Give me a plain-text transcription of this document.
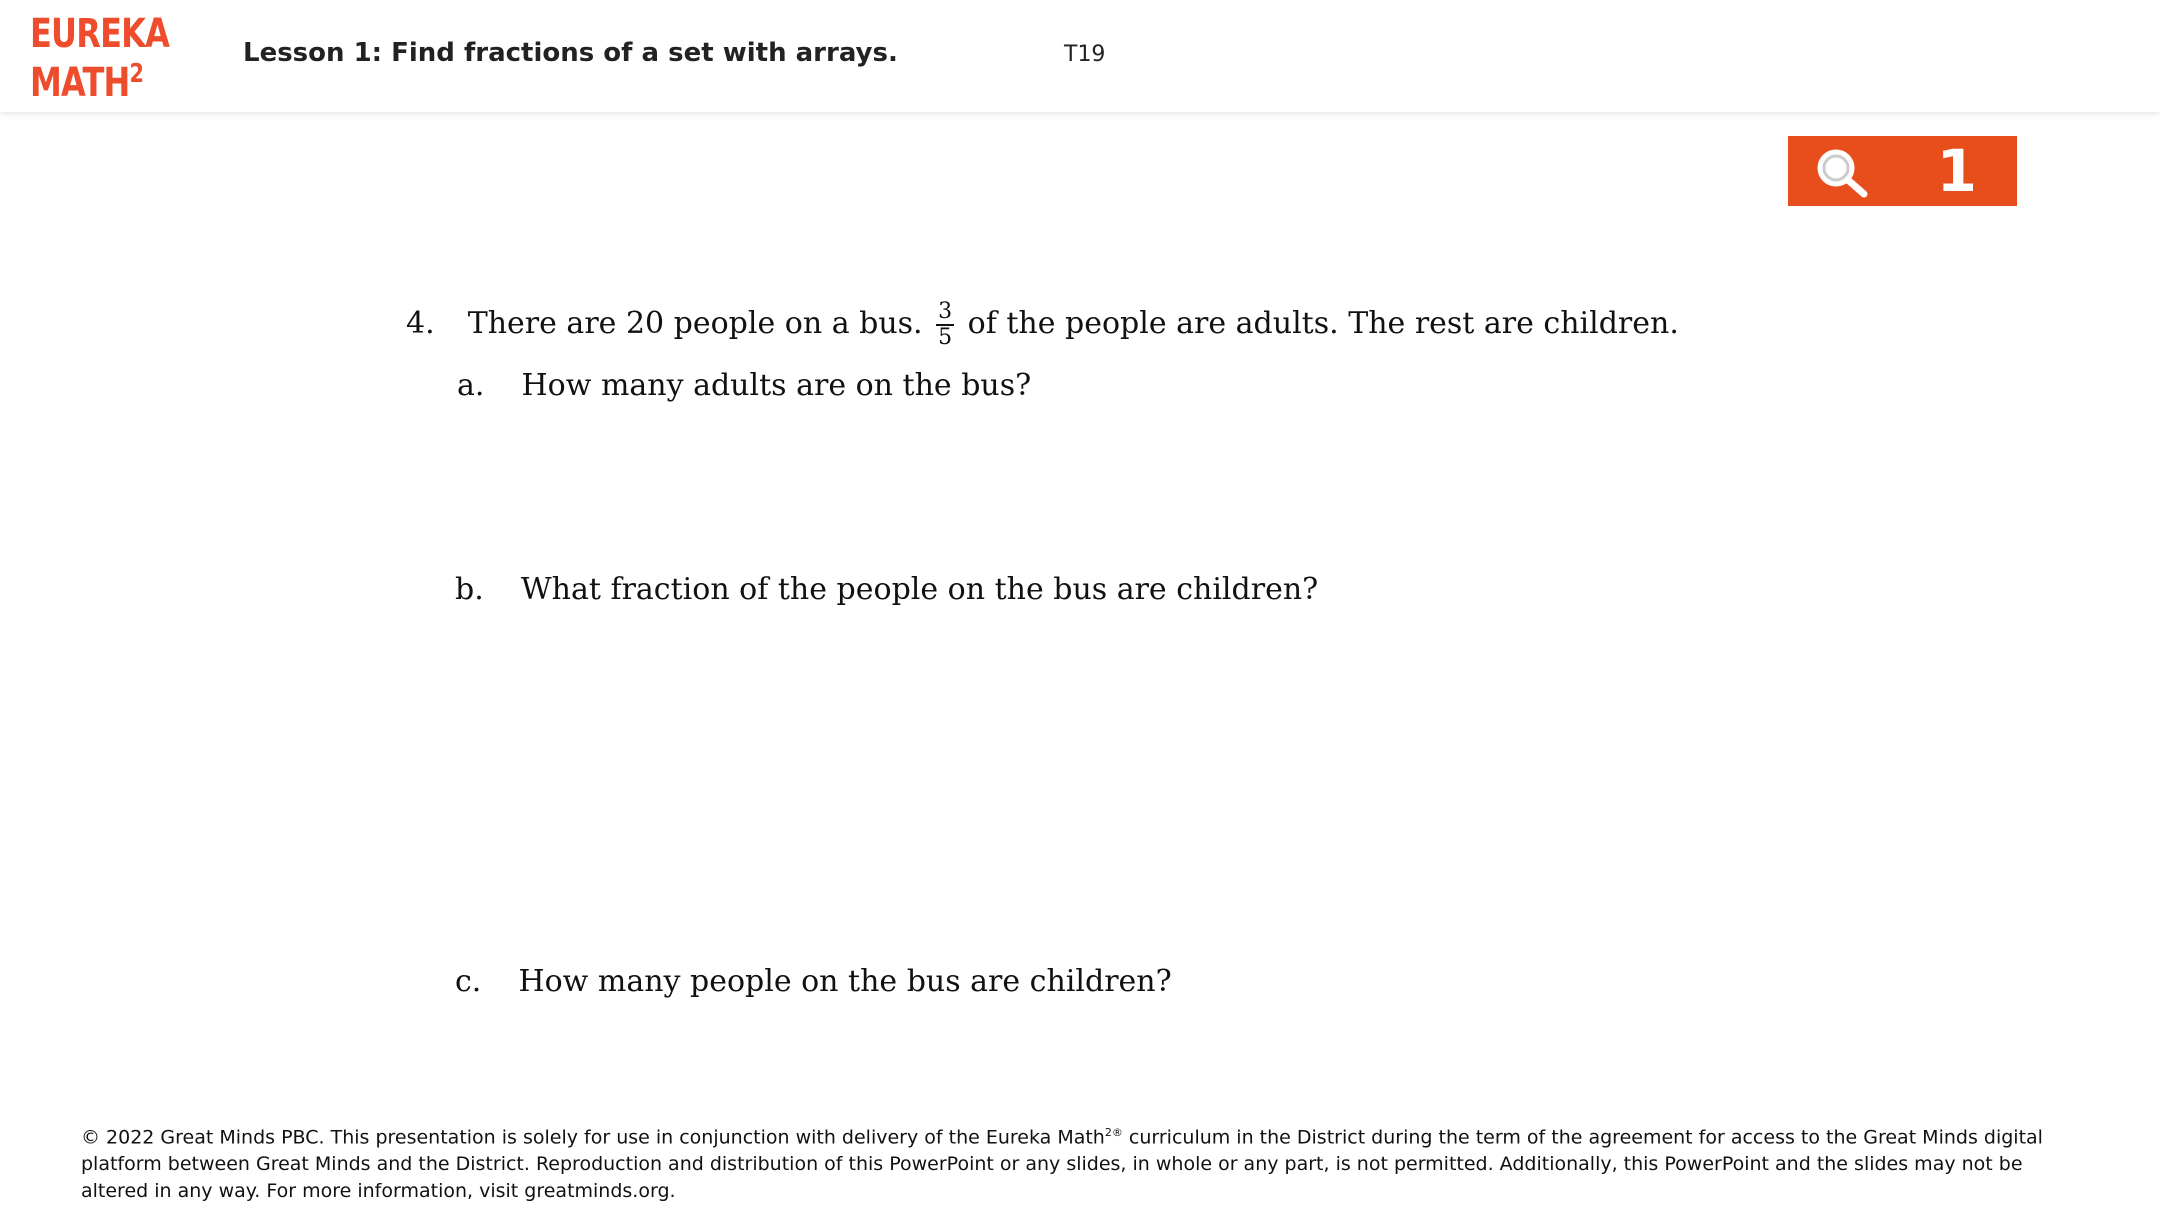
EUREKA
MATH$^2$
Lesson 1: Find fractions of a set with arrays.	T19
1
4. There are 20 people on a bus. $\frac{3}{5}$ of the people are adults. The rest are children.
a. How many adults are on the bus?
b. What fraction of the people on the bus are children?
c. How many people on the bus are children?
© 2022 Great Minds PBC. This presentation is solely for use in conjunction with delivery of the Eureka Math$^{2®}$ curriculum in the District during the term of the agreement for access to the Great Minds digital platform between Great Minds and the District. Reproduction and distribution of this PowerPoint or any slides, in whole or any part, is not permitted. Additionally, this PowerPoint and the slides may not be altered in any way. For more information, visit greatminds.org.
